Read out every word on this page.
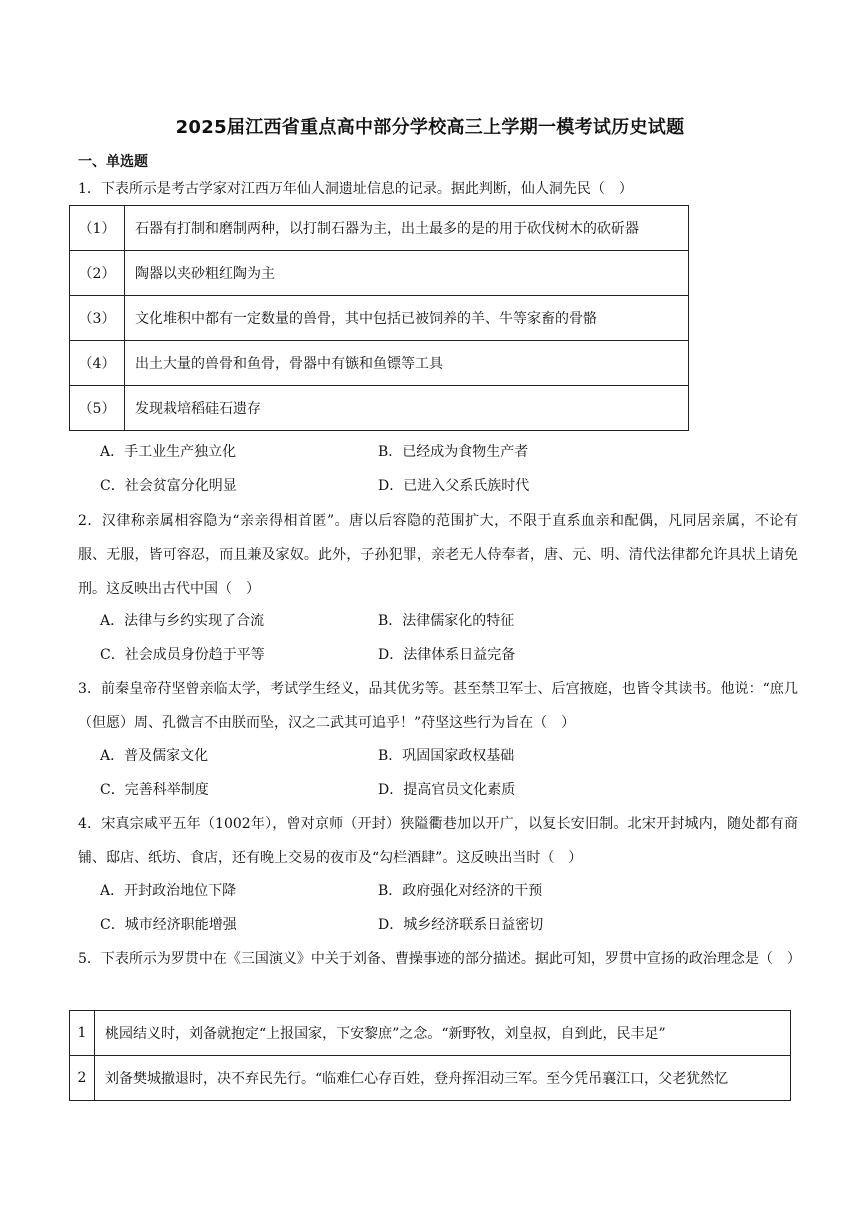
2025届江西省重点高中部分学校高三上学期一模考试历史试题
一、单选题
1．下表所示是考古学家对江西万年仙人洞遗址信息的记录。据此判断，仙人洞先民（　）
（1）	石器有打制和磨制两种，以打制石器为主，出土最多的是的用于砍伐树木的砍斫器
（2）	陶器以夹砂粗红陶为主
（3）	文化堆积中都有一定数量的兽骨，其中包括已被饲养的羊、牛等家畜的骨骼
（4）	出土大量的兽骨和鱼骨，骨器中有镞和鱼镖等工具
（5）	发现栽培稻硅石遗存
A．手工业生产独立化	B．已经成为食物生产者
C．社会贫富分化明显	D．已进入父系氏族时代
2．汉律称亲属相容隐为“亲亲得相首匿”。唐以后容隐的范围扩大，不限于直系血亲和配偶，凡同居亲属，不论有服、无服，皆可容忍，而且兼及家奴。此外，子孙犯罪，亲老无人侍奉者，唐、元、明、清代法律都允许具状上请免刑。这反映出古代中国（　）
A．法律与乡约实现了合流	B．法律儒家化的特征
C．社会成员身份趋于平等	D．法律体系日益完备
3．前秦皇帝苻坚曾亲临太学，考试学生经义，品其优劣等。甚至禁卫军士、后宫掖庭，也皆令其读书。他说：“庶几（但愿）周、孔微言不由朕而坠，汉之二武其可追乎！”苻坚这些行为旨在（　）
A．普及儒家文化	B．巩固国家政权基础
C．完善科举制度	D．提高官员文化素质
4．宋真宗咸平五年（1002年），曾对京师（开封）狭隘衢巷加以开广，以复长安旧制。北宋开封城内，随处都有商铺、邸店、纸坊、食店，还有晚上交易的夜市及“勾栏酒肆”。这反映出当时（　）
A．开封政治地位下降	B．政府强化对经济的干预
C．城市经济职能增强	D．城乡经济联系日益密切
5．下表所示为罗贯中在《三国演义》中关于刘备、曹操事迹的部分描述。据此可知，罗贯中宣扬的政治理念是（　）
1	桃园结义时，刘备就抱定“上报国家，下安黎庶”之念。“新野牧，刘皇叔，自到此，民丰足”
2	刘备樊城撤退时，决不弃民先行。“临难仁心存百姓，登舟挥泪动三军。至今凭吊襄江口，父老犹然忆
